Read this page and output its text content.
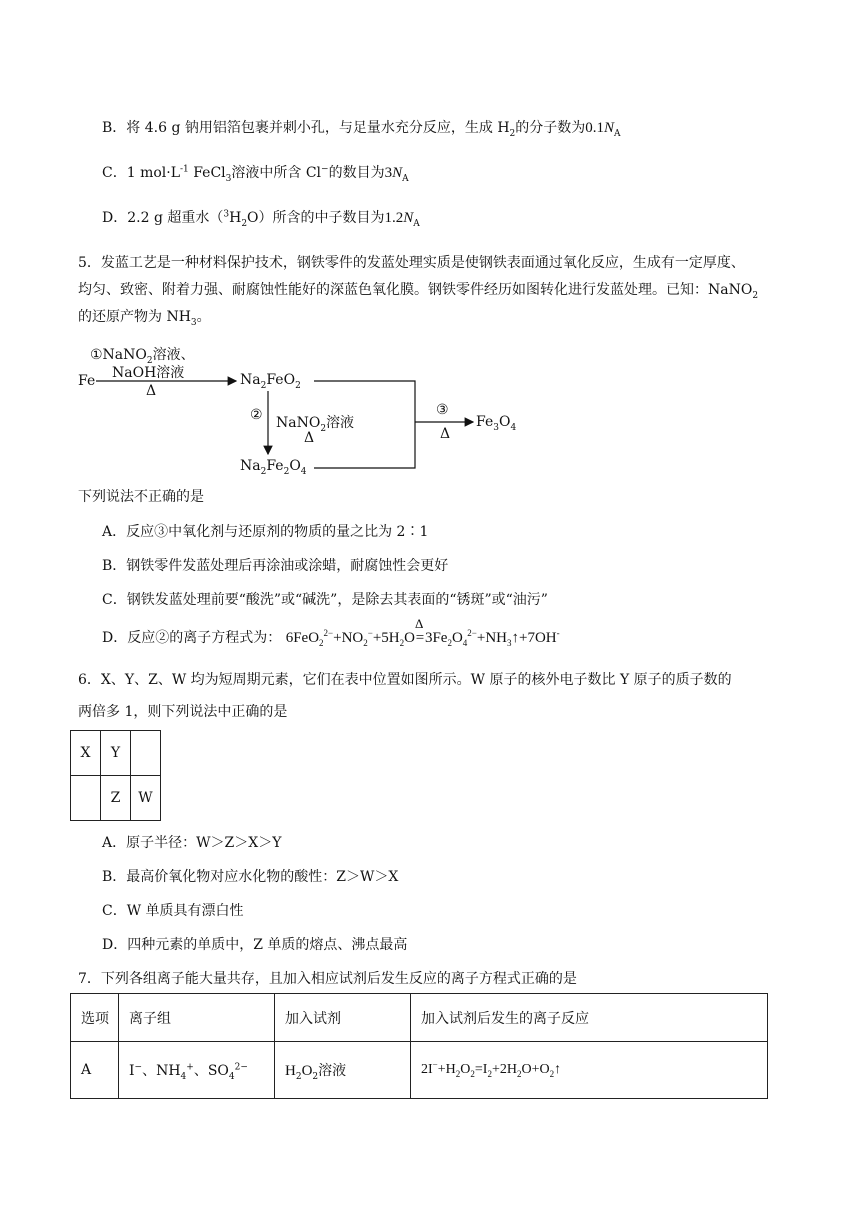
B．将 4.6 g 钠用铝箔包裹并刺小孔，与足量水充分反应，生成 $H_2$的分子数为$0.1N_A$
C．1 $mol\cdot L^{-1}$ FeCl$_3$溶液中所含 Cl−的数目为$3N_A$
D．2.2 g 超重水$(^3H_2O)$所含的中子数目为$1.2N_A$
5．发蓝工艺是一种材料保护技术，钢铁零件的发蓝处理实质是使钢铁表面通过氧化反应，生成有一定厚度、
均匀、致密、附着力强、耐腐蚀性能好的深蓝色氧化膜。钢铁零件经历如图转化进行发蓝处理。已知：NaNO$_2$
的还原产物为 $NH_3$。
Fe
①NaNO$_2$溶液、
NaOH溶液
Δ
$Na_2FeO_2$
② NaNO$_2$溶液
Δ
$Na_2Fe_2O_4$
③
Δ
$Fe_3O_4$
下列说法不正确的是
A．反应③中氧化剂与还原剂的物质的量之比为 2∶1
B．钢铁零件发蓝处理后再涂油或涂蜡，耐腐蚀性会更好
C．钢铁发蓝处理前要“酸洗”或“碱洗”，是除去其表面的“锈斑”或“油污”
D．反应②的离子方程式为： $6FeO_2^{2-}+NO_2^-+5H_2O$
Δ
$=3Fe_2O_4^{2-}+NH_3↑+7OH^-$
6．X、Y、Z、W 均为短周期元素，它们在表中位置如图所示。W 原子的核外电子数比 Y 原子的质子数的
两倍多 1，则下列说法中正确的是
X	Y	
	Z	W
A．原子半径：W＞Z＞X＞Y
B．最高价氧化物对应水化物的酸性：Z＞W＞X
C．W 单质具有漂白性
D．四种元素的单质中，Z 单质的熔点、沸点最高
7．下列各组离子能大量共存，且加入相应试剂后发生反应的离子方程式正确的是
选项	离子组	加入试剂	加入试剂后发生的离子反应
A	I−、$NH_4^+$、$SO_4^{2-}$	$H_2O_2$溶液	$2I^-+H_2O_2=I_2+2H_2O+O_2↑$
